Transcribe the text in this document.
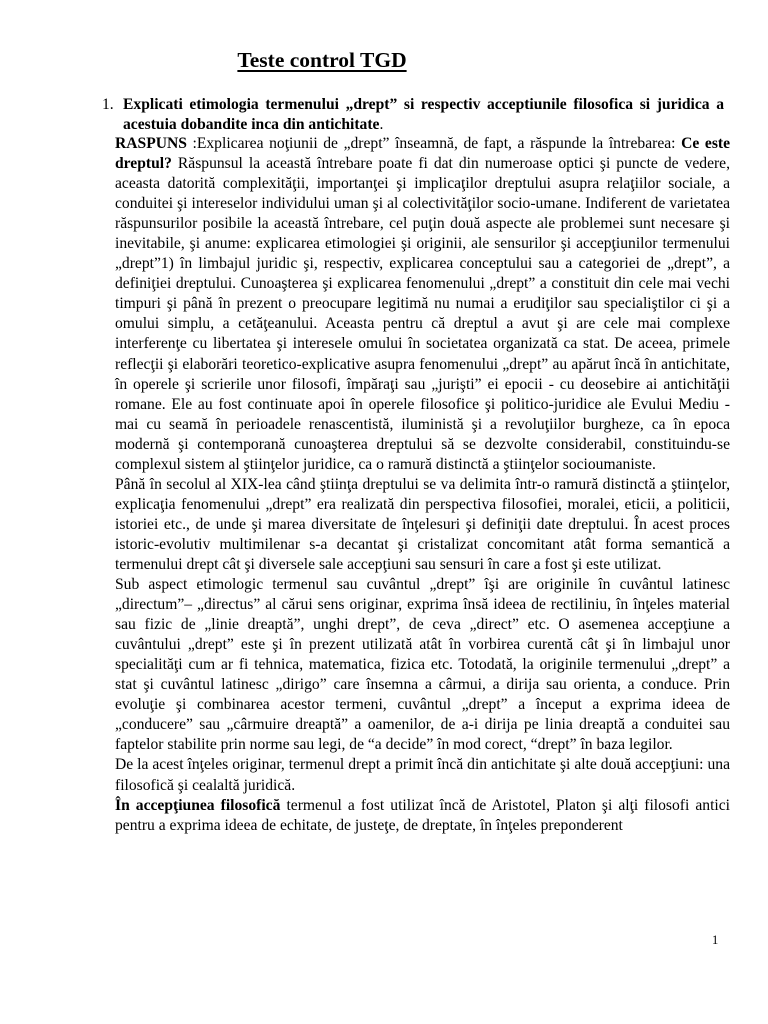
Teste control TGD
1. Explicati etimologia termenului „drept” si respectiv acceptiunile filosofica si juridica a acestuia dobandite inca din antichitate.

RASPUNS :Explicarea noţiunii de „drept” înseamnă, de fapt, a răspunde la întrebarea: Ce este dreptul? Răspunsul la această întrebare poate fi dat din numeroase optici şi puncte de vedere, aceasta datorită complexităţii, importanţei şi implicaţilor dreptului asupra relaţiilor sociale, a conduitei şi intereselor individului uman şi al colectivităţilor socio-umane. Indiferent de varietatea răspunsurilor posibile la această întrebare, cel puţin două aspecte ale problemei sunt necesare şi inevitabile, şi anume: explicarea etimologiei şi originii, ale sensurilor şi accepţiunilor termenului „drept”1) în limbajul juridic şi, respectiv, explicarea conceptului sau a categoriei de „drept”, a definiţiei dreptului. Cunoaşterea şi explicarea fenomenului „drept” a constituit din cele mai vechi timpuri şi până în prezent o preocupare legitimă nu numai a erudiţilor sau specialiştilor ci şi a omului simplu, a cetăţeanului. Aceasta pentru că dreptul a avut şi are cele mai complexe interferenţe cu libertatea şi interesele omului în societatea organizată ca stat. De aceea, primele reflecţii şi elaborări teoretico-explicative asupra fenomenului „drept” au apărut încă în antichitate, în operele şi scrierile unor filosofi, împăraţi sau „jurişti” ei epocii - cu deosebire ai antichităţii romane. Ele au fost continuate apoi în operele filosofice şi politico-juridice ale Evului Mediu - mai cu seamă în perioadele renascentistă, iluministă şi a revoluţiilor burgheze, ca în epoca modernă şi contemporană cunoaşterea dreptului să se dezvolte considerabil, constituindu-se complexul sistem al ştiinţelor juridice, ca o ramură distinctă a ştiinţelor socioumaniste.

Până în secolul al XIX-lea când ştiinţa dreptului se va delimita într-o ramură distinctă a ştiinţelor, explicaţia fenomenului „drept” era realizată din perspectiva filosofiei, moralei, eticii, a politicii, istoriei etc., de unde şi marea diversitate de înţelesuri şi definiţii date dreptului. În acest proces istoric-evolutiv multimilenar s-a decantat şi cristalizat concomitant atât forma semantică a termenului drept cât şi diversele sale accepţiuni sau sensuri în care a fost şi este utilizat.

Sub aspect etimologic termenul sau cuvântul „drept” îşi are originile în cuvântul latinesc „directum”– „directus” al cărui sens originar, exprima însă ideea de rectiliniu, în înţeles material sau fizic de „linie dreaptă”, unghi drept”, de ceva „direct” etc. O asemenea accepţiune a cuvântului „drept” este şi în prezent utilizată atât în vorbirea curentă cât şi în limbajul unor specialităţi cum ar fi tehnica, matematica, fizica etc. Totodată, la originile termenului „drept” a stat şi cuvântul latinesc „dirigo” care însemna a cârmui, a dirija sau orienta, a conduce. Prin evoluţie şi combinarea acestor termeni, cuvântul „drept” a început a exprima ideea de „conducere” sau „cârmuire dreaptă” a oamenilor, de a-i dirija pe linia dreaptă a conduitei sau faptelor stabilite prin norme sau legi, de “a decide” în mod corect, “drept” în baza legilor.

De la acest înţeles originar, termenul drept a primit încă din antichitate şi alte două accepţiuni: una filosofică şi cealaltă juridică.

În accepţiunea filosofică termenul a fost utilizat încă de Aristotel, Platon şi alţi filosofi antici pentru a exprima ideea de echitate, de justeţe, de dreptate, în înţeles preponderent

1
